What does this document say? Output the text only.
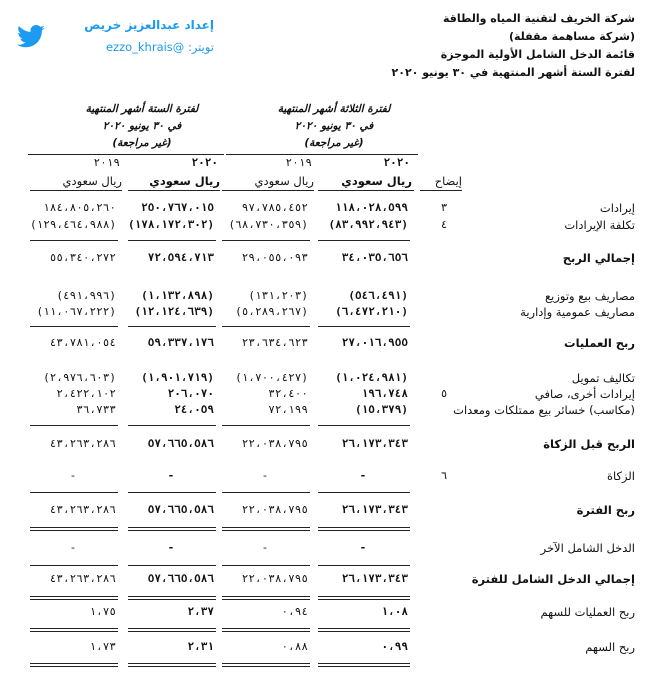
إعداد عبدالعزيز خريص
تويتر: @ezzo_khrais
شركة الخريف لتقنية المياه والطاقة
(شركة مساهمة مقفلة)
قائمة الدخل الشامل الأولية الموجزة
لفترة الستة أشهر المنتهية في ٣٠ يونيو ٢٠٢٠
لفترة الثلاثة أشهر المنتهية
في ٣٠ يونيو ٢٠٢٠
(غير مراجعة)
لفترة الستة أشهر المنتهية
في ٣٠ يونيو ٢٠٢٠
(غير مراجعة)
٢٠٢٠
٢٠١٩
٢٠٢٠
٢٠١٩
ريال سعودي
ريال سعودي
ريال سعودي
ريال سعودي	إيضاح
إيرادات
٣
١١٨،٠٢٨،٥٩٩
٩٧،٧٨٥،٤٥٢
٢٥٠،٧٦٧،٠١٥
١٨٤،٨٠٥،٢٦٠
تكلفة الإيرادات
٤
(٨٣،٩٩٢،٩٤٣)
(٦٨،٧٣٠،٣٥٩)
(١٧٨،١٧٢،٣٠٢)
(١٢٩،٤٦٤،٩٨٨)
إجمالي الربح
٣٤،٠٣٥،٦٥٦
٢٩،٠٥٥،٠٩٣
٧٢،٥٩٤،٧١٣
٥٥،٣٤٠،٢٧٢
مصاريف بيع وتوزيع
(٥٤٦،٤٩١)
(١٣١،٢٠٣)
(١،١٣٢،٨٩٨)
(٤٩١،٩٩٦)
مصاريف عمومية وإدارية
(٦،٤٧٢،٢١٠)
(٥،٢٨٩،٢٦٧)
(١٢،١٢٤،٦٣٩)
(١١،٠٦٧،٢٢٢)
ربح العمليات
٢٧،٠١٦،٩٥٥
٢٣،٦٣٤،٦٢٣
٥٩،٣٣٧،١٧٦
٤٣،٧٨١،٠٥٤
تكاليف تمويل
(١،٠٢٤،٩٨١)
(١،٧٠٠،٤٢٧)
(١،٩٠١،٧١٩)
(٢،٩٧٦،٦٠٣)
إيرادات أخرى، صافي
٥
١٩٦،٧٤٨
٣٢،٤٠٠
٢٠٦،٠٧٠
٢،٤٢٢،١٠٢
(مكاسب) خسائر بيع ممتلكات ومعدات
(١٥،٣٧٩)
٧٢،١٩٩
٢٤،٠٥٩
٣٦،٧٣٣
الربح قبل الزكاة
٢٦،١٧٣،٣٤٣
٢٢،٠٣٨،٧٩٥
٥٧،٦٦٥،٥٨٦
٤٣،٢٦٣،٢٨٦
الزكاة
٦
-
-
-
-
ربح الفترة
٢٦،١٧٣،٣٤٣
٢٢،٠٣٨،٧٩٥
٥٧،٦٦٥،٥٨٦
٤٣،٢٦٣،٢٨٦
الدخل الشامل الآخر
-
-
-
-
إجمالي الدخل الشامل للفترة
٢٦،١٧٣،٣٤٣
٢٢،٠٣٨،٧٩٥
٥٧،٦٦٥،٥٨٦
٤٣،٢٦٣،٢٨٦
ربح العمليات للسهم
١،٠٨
٠،٩٤
٢،٣٧
١،٧٥
ربح السهم
٠،٩٩
٠،٨٨
٢،٣١
١،٧٣
